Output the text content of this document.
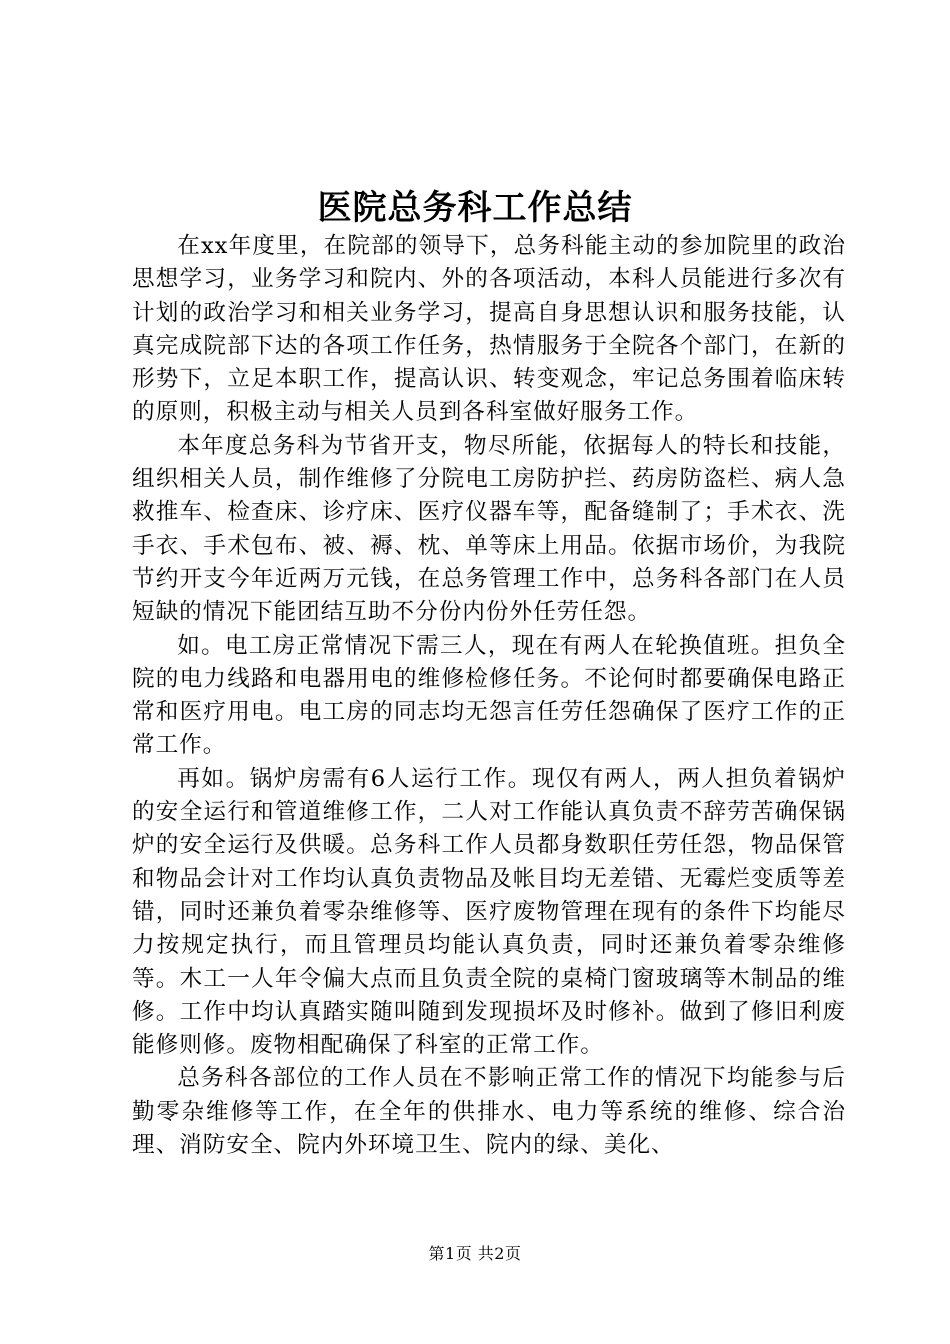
医院总务科工作总结

在xx年度里，在院部的领导下，总务科能主动的参加院里的政治思想学习，业务学习和院内、外的各项活动，本科人员能进行多次有计划的政治学习和相关业务学习，提高自身思想认识和服务技能，认真完成院部下达的各项工作任务，热情服务于全院各个部门，在新的形势下，立足本职工作，提高认识、转变观念，牢记总务围着临床转的原则，积极主动与相关人员到各科室做好服务工作。

本年度总务科为节省开支，物尽所能，依据每人的特长和技能，组织相关人员，制作维修了分院电工房防护拦、药房防盗栏、病人急救推车、检查床、诊疗床、医疗仪器车等，配备缝制了；手术衣、洗手衣、手术包布、被、褥、枕、单等床上用品。依据市场价，为我院节约开支今年近两万元钱，在总务管理工作中，总务科各部门在人员短缺的情况下能团结互助不分份内份外任劳任怨。

如。电工房正常情况下需三人，现在有两人在轮换值班。担负全院的电力线路和电器用电的维修检修任务。不论何时都要确保电路正常和医疗用电。电工房的同志均无怨言任劳任怨确保了医疗工作的正常工作。

再如。锅炉房需有6人运行工作。现仅有两人，两人担负着锅炉的安全运行和管道维修工作，二人对工作能认真负责不辞劳苦确保锅炉的安全运行及供暖。总务科工作人员都身数职任劳任怨，物品保管和物品会计对工作均认真负责物品及帐目均无差错、无霉烂变质等差错，同时还兼负着零杂维修等、医疗废物管理在现有的条件下均能尽力按规定执行，而且管理员均能认真负责，同时还兼负着零杂维修等。木工一人年令偏大点而且负责全院的桌椅门窗玻璃等木制品的维修。工作中均认真踏实随叫随到发现损坏及时修补。做到了修旧利废能修则修。废物相配确保了科室的正常工作。

总务科各部位的工作人员在不影响正常工作的情况下均能参与后勤零杂维修等工作，在全年的供排水、电力等系统的维修、综合治理、消防安全、院内外环境卫生、院内的绿、美化、

第1页 共2页
